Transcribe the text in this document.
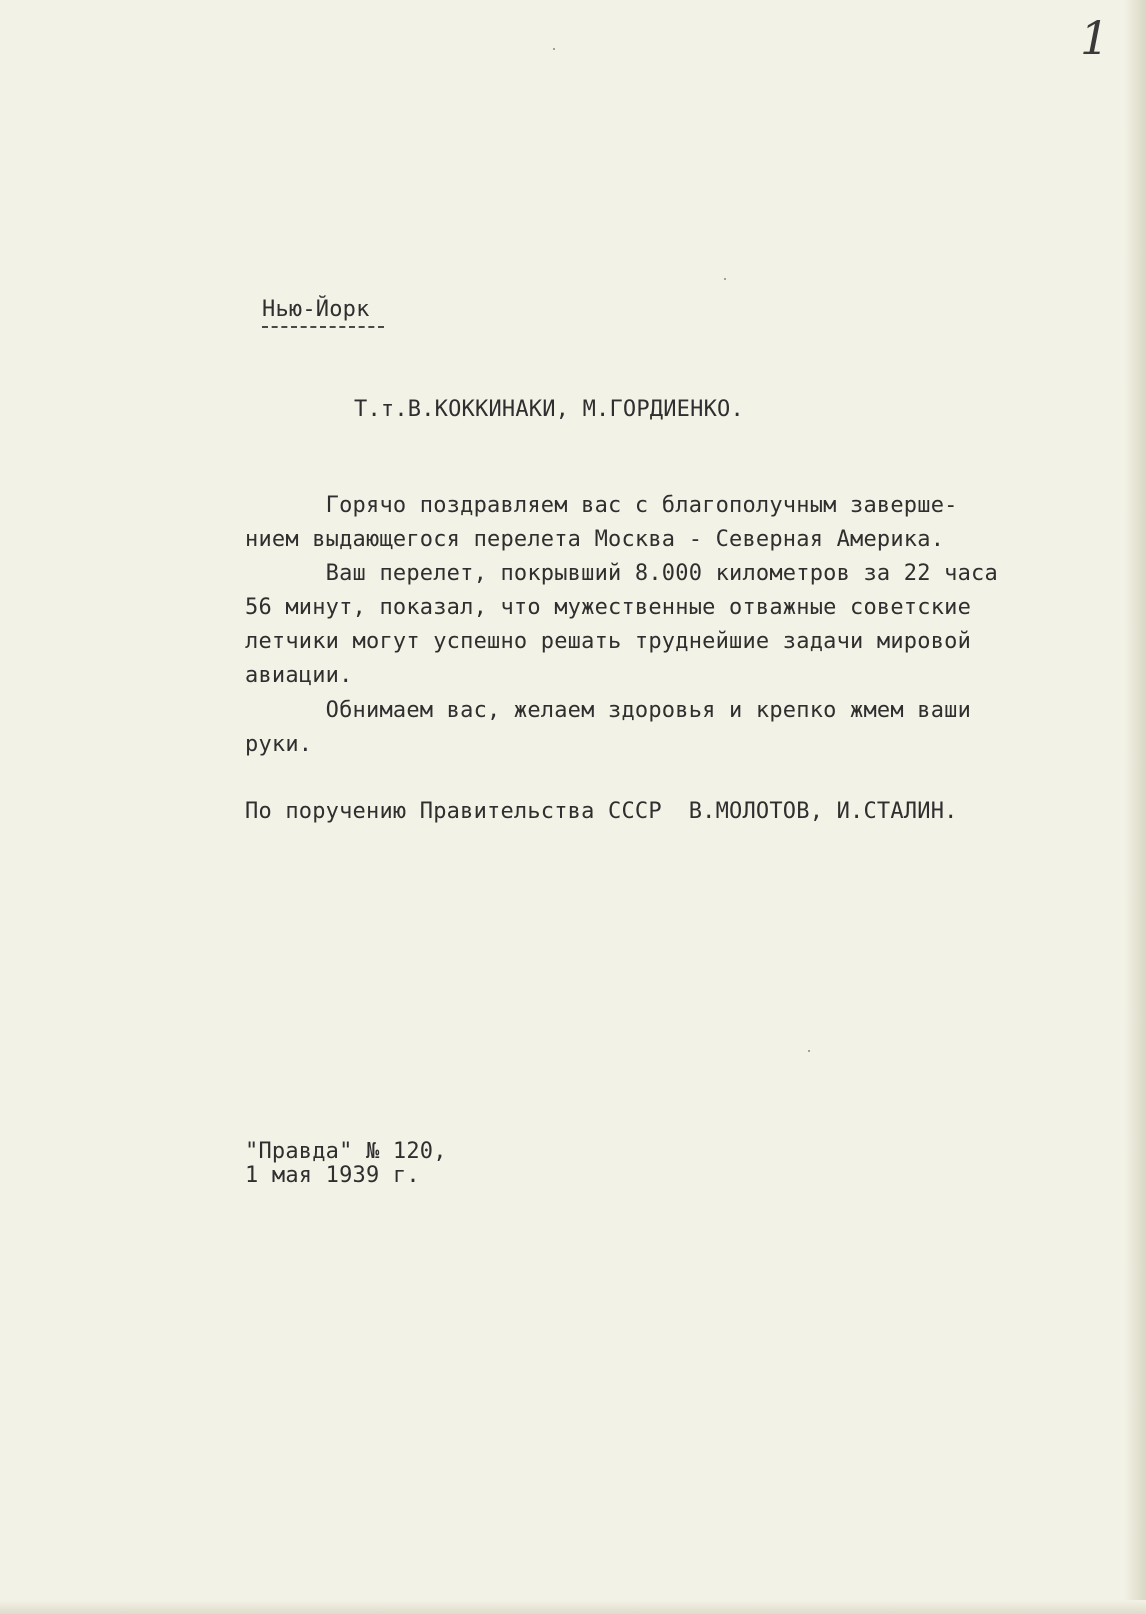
1
Нью-Йорк
Т.т.В.КОККИНАКИ, М.ГОРДИЕНКО.
Горячо поздравляем вас с благополучным заверше-
нием выдающегося перелета Москва - Северная Америка.
Ваш перелет, покрывший 8.000 километров за 22 часа
56 минут, показал, что мужественные отважные советские
летчики могут успешно решать труднейшие задачи мировой
авиации.
Обнимаем вас, желаем здоровья и крепко жмем ваши
руки.
По поручению Правительства СССР  В.МОЛОТОВ, И.СТАЛИН.
"Правда" № 120,
1 мая 1939 г.
